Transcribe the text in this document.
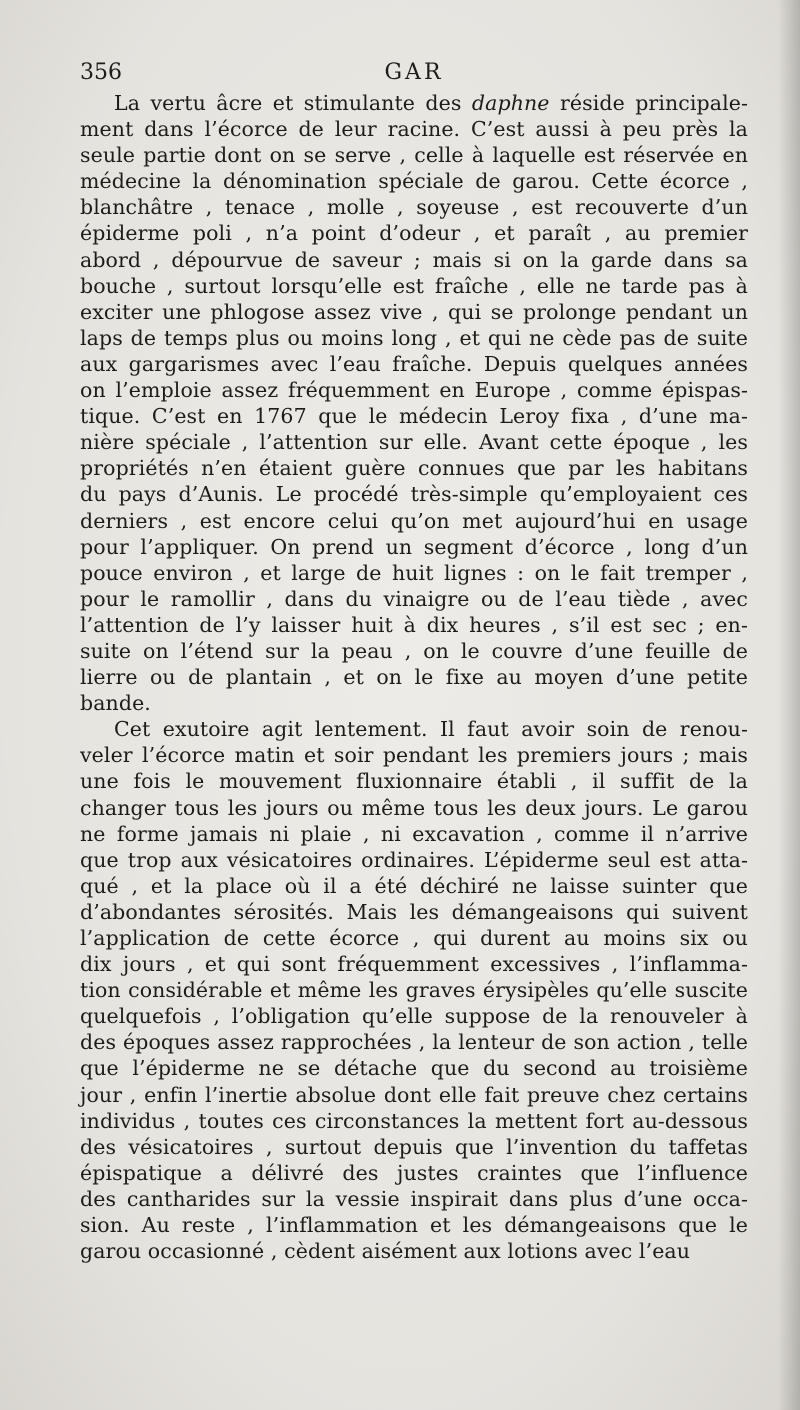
356	GAR
La vertu âcre et stimulante des daphne réside principale-
ment dans l’écorce de leur racine. C’est aussi à peu près la
seule partie dont on se serve , celle à laquelle est réservée en
médecine la dénomination spéciale de garou. Cette écorce ,
blanchâtre , tenace , molle , soyeuse , est recouverte d’un
épiderme poli , n’a point d’odeur , et paraît , au premier
abord , dépourvue de saveur ; mais si on la garde dans sa
bouche , surtout lorsqu’elle est fraîche , elle ne tarde pas à
exciter une phlogose assez vive , qui se prolonge pendant un
laps de temps plus ou moins long , et qui ne cède pas de suite
aux gargarismes avec l’eau fraîche. Depuis quelques années
on l’emploie assez fréquemment en Europe , comme épispas-
tique. C’est en 1767 que le médecin Leroy fixa , d’une ma-
nière spéciale , l’attention sur elle. Avant cette époque , les
propriétés n’en étaient guère connues que par les habitans
du pays d’Aunis. Le procédé très-simple qu’employaient ces
derniers , est encore celui qu’on met aujourd’hui en usage
pour l’appliquer. On prend un segment d’écorce , long d’un
pouce environ , et large de huit lignes : on le fait tremper ,
pour le ramollir , dans du vinaigre ou de l’eau tiède , avec
l’attention de l’y laisser huit à dix heures , s’il est sec ; en-
suite on l’étend sur la peau , on le couvre d’une feuille de
lierre ou de plantain , et on le fixe au moyen d’une petite
bande.
Cet exutoire agit lentement. Il faut avoir soin de renou-
veler l’écorce matin et soir pendant les premiers jours ; mais
une fois le mouvement fluxionnaire établi , il suffit de la
changer tous les jours ou même tous les deux jours. Le garou
ne forme jamais ni plaie , ni excavation , comme il n’arrive
que trop aux vésicatoires ordinaires. L’épiderme seul est atta-
qué , et la place où il a été déchiré ne laisse suinter que
d’abondantes sérosités. Mais les démangeaisons qui suivent
l’application de cette écorce , qui durent au moins six ou
dix jours , et qui sont fréquemment excessives , l’inflamma-
tion considérable et même les graves érysipèles qu’elle suscite
quelquefois , l’obligation qu’elle suppose de la renouveler à
des époques assez rapprochées , la lenteur de son action , telle
que l’épiderme ne se détache que du second au troisième
jour , enfin l’inertie absolue dont elle fait preuve chez certains
individus , toutes ces circonstances la mettent fort au-dessous
des vésicatoires , surtout depuis que l’invention du taffetas
épispatique a délivré des justes craintes que l’influence
des cantharides sur la vessie inspirait dans plus d’une occa-
sion. Au reste , l’inflammation et les démangeaisons que le
garou occasionné , cèdent aisément aux lotions avec l’eau
